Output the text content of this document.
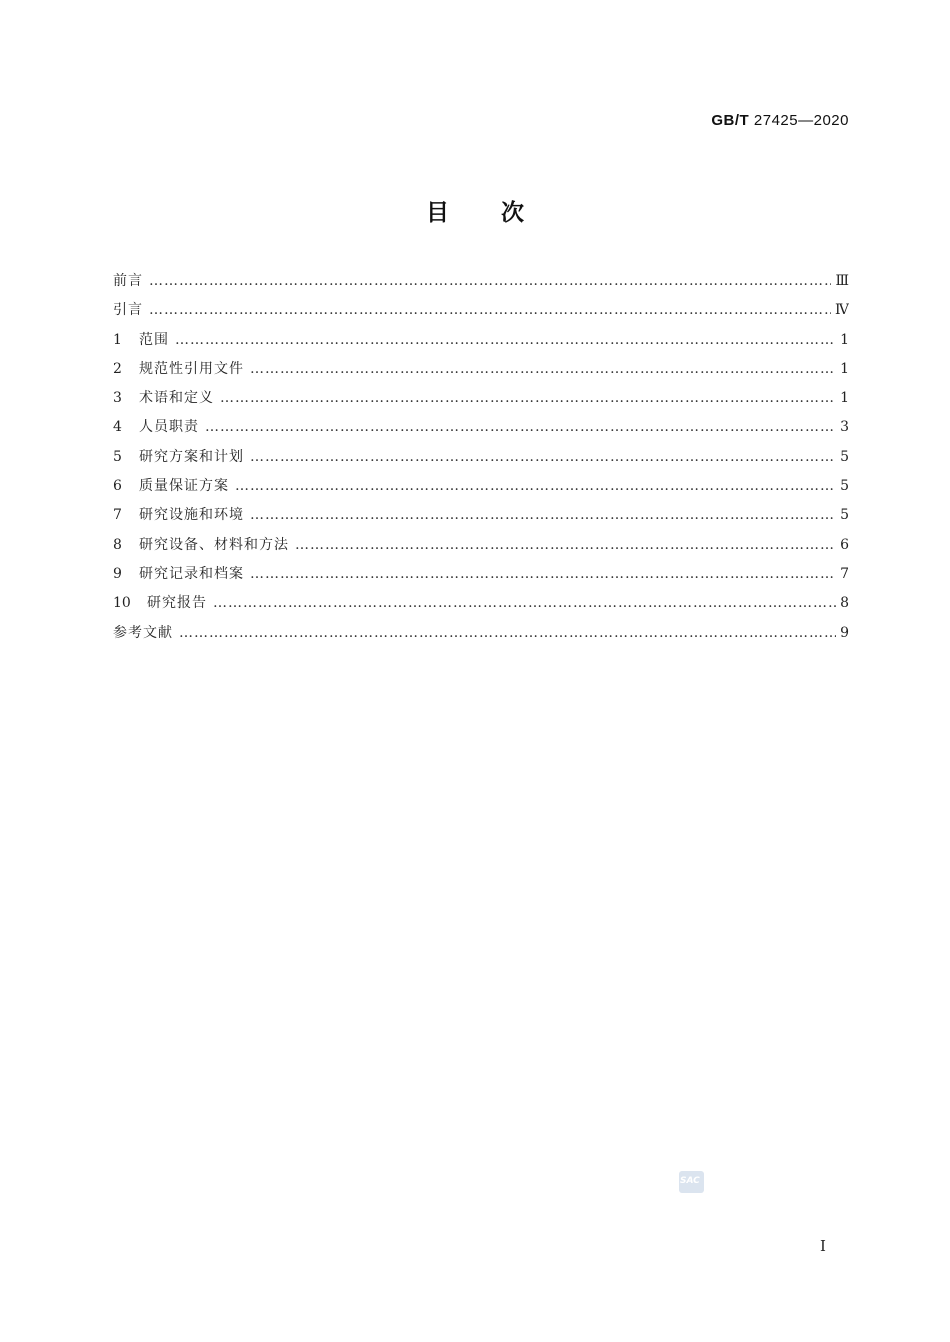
GB/T 27425—2020
目 次
前言 ………………………………………………………………………………………………………………………………………………………………………………………………………………………………………	Ⅲ
引言 ………………………………………………………………………………………………………………………………………………………………………………………………………………………………………	Ⅳ
1	范围 ………………………………………………………………………………………………………………………………………………………………………………………………………………………………………	1
2	规范性引用文件 ………………………………………………………………………………………………………………………………………………………………………………………………………………………………………	1
3	术语和定义 ………………………………………………………………………………………………………………………………………………………………………………………………………………………………………	1
4	人员职责 ………………………………………………………………………………………………………………………………………………………………………………………………………………………………………	3
5	研究方案和计划 ………………………………………………………………………………………………………………………………………………………………………………………………………………………………………	5
6	质量保证方案 ………………………………………………………………………………………………………………………………………………………………………………………………………………………………………	5
7	研究设施和环境 ………………………………………………………………………………………………………………………………………………………………………………………………………………………………………	5
8	研究设备、材料和方法 ………………………………………………………………………………………………………………………………………………………………………………………………………………………………………	6
9	研究记录和档案 ………………………………………………………………………………………………………………………………………………………………………………………………………………………………………	7
10	研究报告 ………………………………………………………………………………………………………………………………………………………………………………………………………………………………………	8
参考文献 ………………………………………………………………………………………………………………………………………………………………………………………………………………………………………	9
SAC
Ⅰ
